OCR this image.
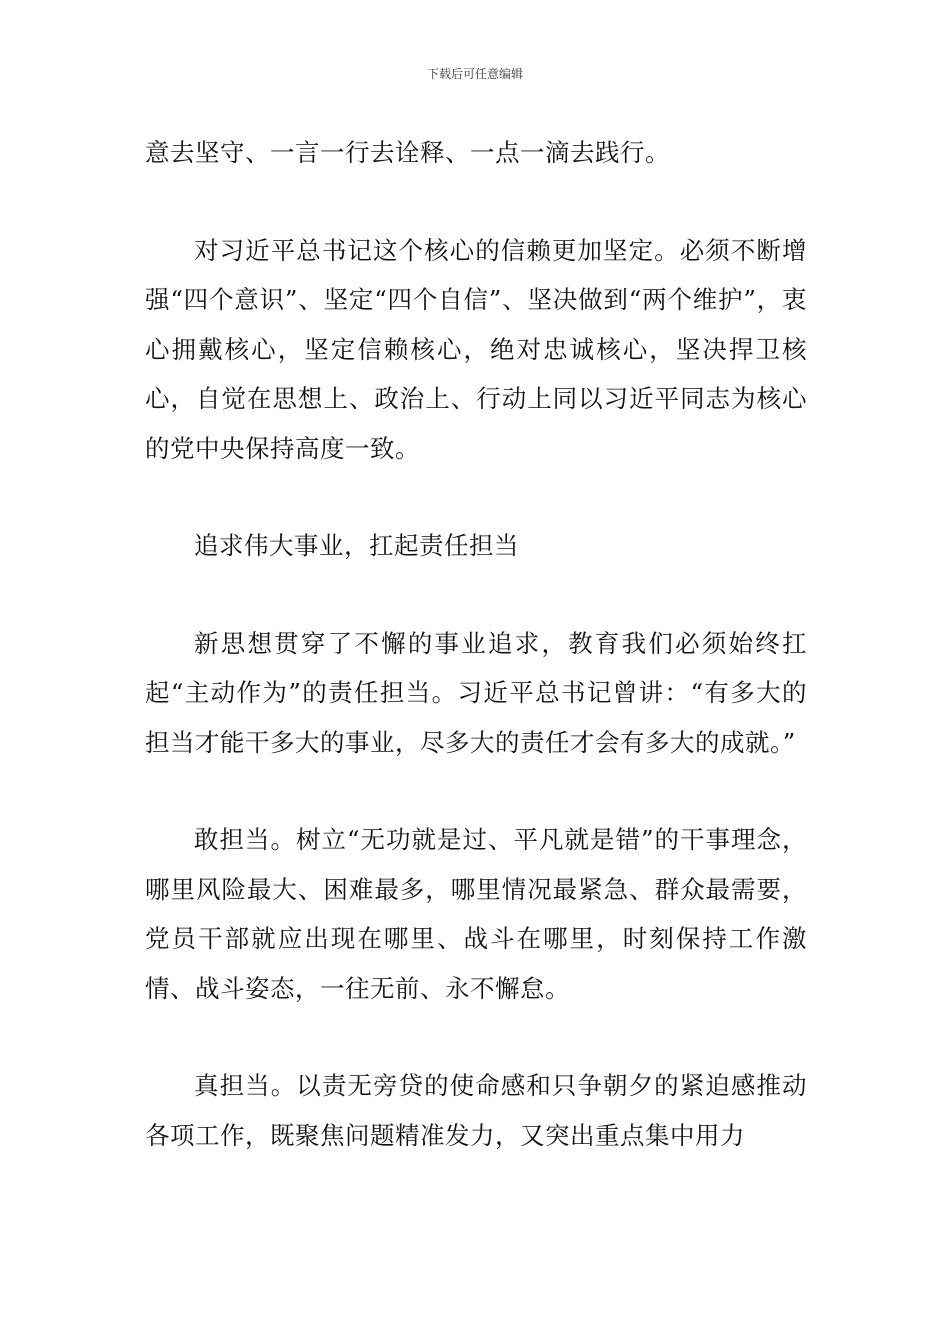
下载后可任意编辑

意去坚守、一言一行去诠释、一点一滴去践行。

对习近平总书记这个核心的信赖更加坚定。必须不断增强“四个意识”、坚定“四个自信”、坚决做到“两个维护”，衷心拥戴核心，坚定信赖核心，绝对忠诚核心，坚决捍卫核心，自觉在思想上、政治上、行动上同以习近平同志为核心的党中央保持高度一致。

追求伟大事业，扛起责任担当

新思想贯穿了不懈的事业追求，教育我们必须始终扛起“主动作为”的责任担当。习近平总书记曾讲：“有多大的担当才能干多大的事业，尽多大的责任才会有多大的成就。”

敢担当。树立“无功就是过、平凡就是错”的干事理念，哪里风险最大、困难最多，哪里情况最紧急、群众最需要，党员干部就应出现在哪里、战斗在哪里，时刻保持工作激情、战斗姿态，一往无前、永不懈怠。

真担当。以责无旁贷的使命感和只争朝夕的紧迫感推动各项工作，既聚焦问题精准发力，又突出重点集中用力
